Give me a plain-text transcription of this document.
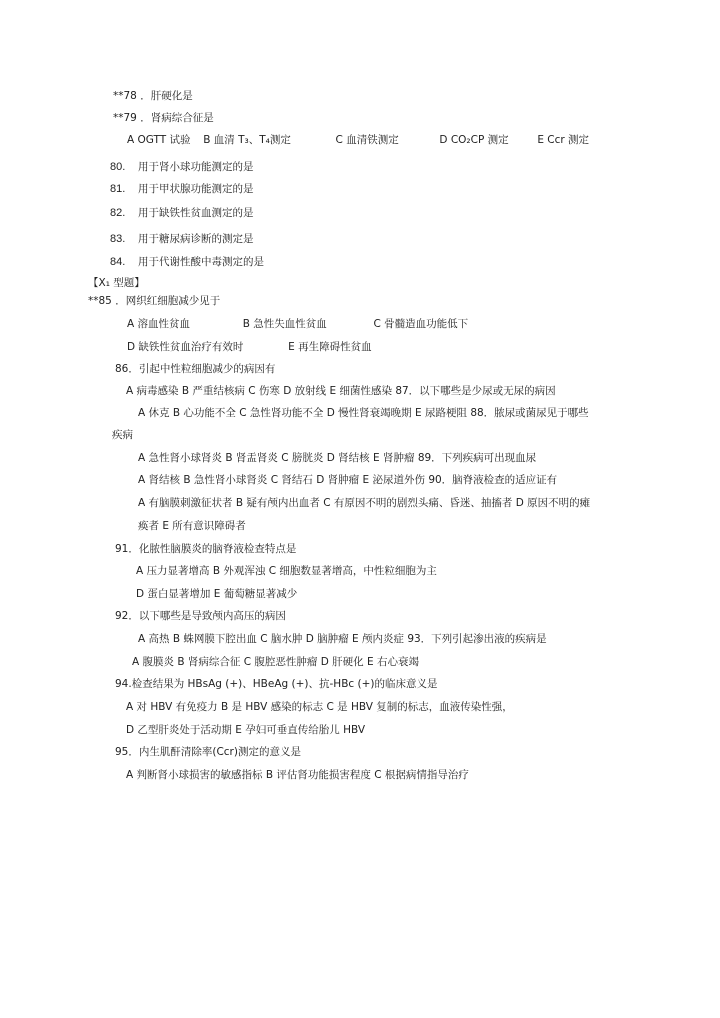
**78 ．肝硬化是
**79 ．肾病综合征是
A OGTT 试验 B 血清 T₃、T₄测定	C 血清铁测定	D CO₂CP 测定	E Ccr 测定
80. 用于肾小球功能测定的是
81. 用于甲状腺功能测定的是
82. 用于缺铁性贫血测定的是
83. 用于糖尿病诊断的测定是
84. 用于代谢性酸中毒测定的是
【X₁ 型题】
**85 ．网织红细胞减少见于
A 溶血性贫血	B 急性失血性贫血	C 骨髓造血功能低下
D 缺铁性贫血治疗有效时	E 再生障碍性贫血
86．引起中性粒细胞减少的病因有
A 病毒感染 B 严重结核病 C 伤寒 D 放射线 E 细菌性感染 87．以下哪些是少尿或无尿的病因
A 休克 B 心功能不全 C 急性肾功能不全 D 慢性肾衰竭晚期 E 尿路梗阻 88．脓尿或菌尿见于哪些
疾病
A 急性肾小球肾炎 B 肾盂肾炎 C 膀胱炎 D 肾结核 E 肾肿瘤 89．下列疾病可出现血尿
A 肾结核 B 急性肾小球肾炎 C 肾结石 D 肾肿瘤 E 泌尿道外伤 90．脑脊液检查的适应证有
A 有脑膜刺激征状者 B 疑有颅内出血者 C 有原因不明的剧烈头痛、昏迷、抽搐者 D 原因不明的瘫
痪者 E 所有意识障碍者
91．化脓性脑膜炎的脑脊液检查特点是
A 压力显著增高 B 外观浑浊 C 细胞数显著增高，中性粒细胞为主
D 蛋白显著增加 E 葡萄糖显著减少
92．以下哪些是导致颅内高压的病因
A 高热 B 蛛网膜下腔出血 C 脑水肿 D 脑肿瘤 E 颅内炎症 93．下列引起渗出液的疾病是
A 腹膜炎 B 肾病综合征 C 腹腔恶性肿瘤 D 肝硬化 E 右心衰竭
94.检查结果为 HBsAg (+)、HBeAg (+)、抗-HBc (+)的临床意义是
A 对 HBV 有免疫力 B 是 HBV 感染的标志 C 是 HBV 复制的标志，血液传染性强，
D 乙型肝炎处于活动期 E 孕妇可垂直传给胎儿 HBV
95．内生肌酐清除率(Ccr)测定的意义是
A 判断肾小球损害的敏感指标 B 评估肾功能损害程度 C 根据病情指导治疗
